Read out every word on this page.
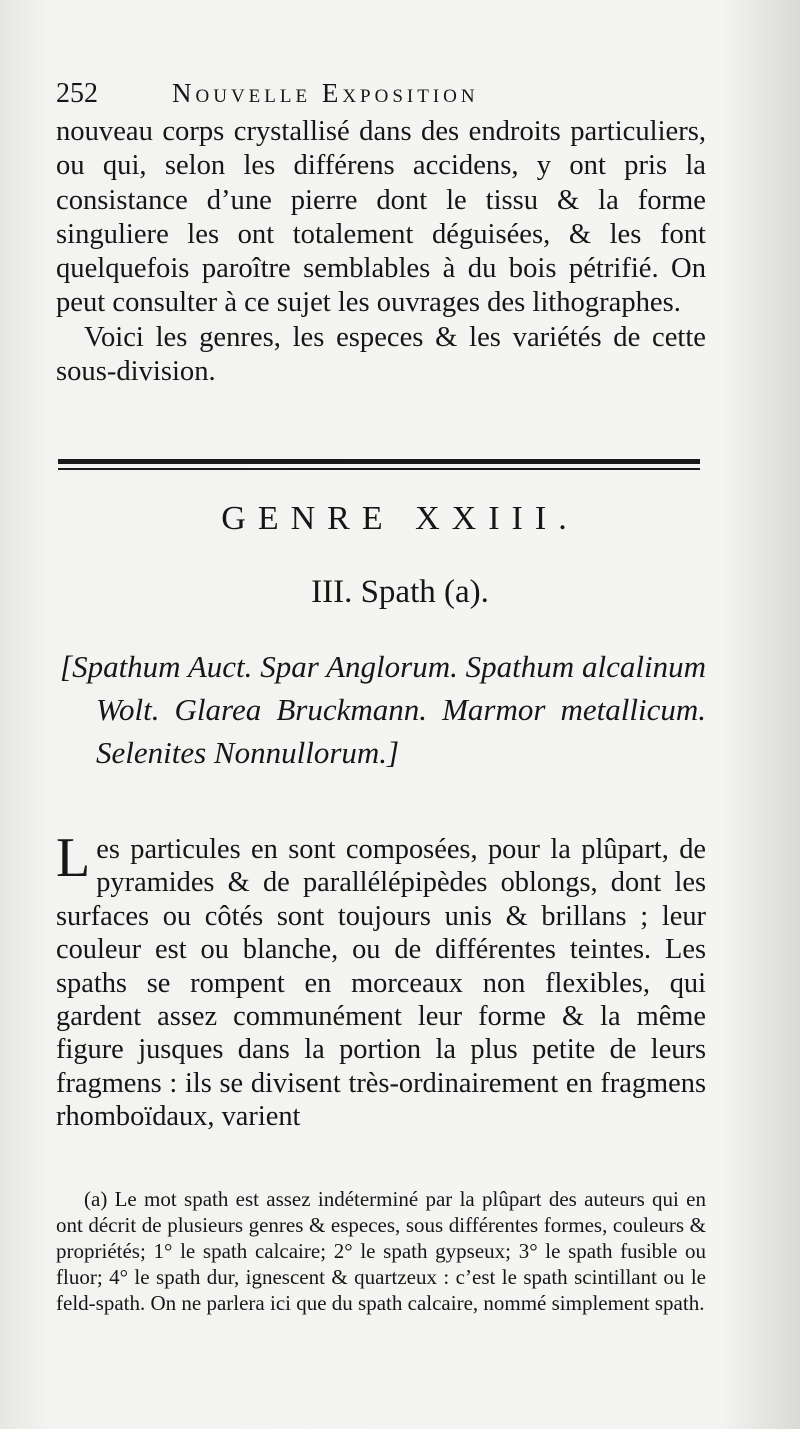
252	Nouvelle Exposition

nouveau corps crystallisé dans des endroits particuliers, ou qui, selon les différens accidens, y ont pris la consistance d’une pierre dont le tissu & la forme singuliere les ont totalement déguisées, & les font quelquefois paroître semblables à du bois pétrifié. On peut consulter à ce sujet les ouvrages des lithographes.

Voici les genres, les especes & les variétés de cette sous-division.

GENRE XXIII.
III. Spath (a).

[Spathum Auct. Spar Anglorum. Spathum alcalinum Wolt. Glarea Bruckmann. Marmor metallicum. Selenites Nonnullorum.]

Les particules en sont composées, pour la plûpart, de pyramides & de parallélépipèdes oblongs, dont les surfaces ou côtés sont toujours unis & brillans ; leur couleur est ou blanche, ou de différentes teintes. Les spaths se rompent en morceaux non flexibles, qui gardent assez communément leur forme & la même figure jusques dans la portion la plus petite de leurs fragmens : ils se divisent très-ordinairement en fragmens rhomboïdaux, varient

(a) Le mot spath est assez indéterminé par la plûpart des auteurs qui en ont décrit de plusieurs genres & especes, sous différentes formes, couleurs & propriétés; 1° le spath calcaire; 2° le spath gypseux; 3° le spath fusible ou fluor; 4° le spath dur, ignescent & quartzeux : c’est le spath scintillant ou le feld-spath. On ne parlera ici que du spath calcaire, nommé simplement spath.
